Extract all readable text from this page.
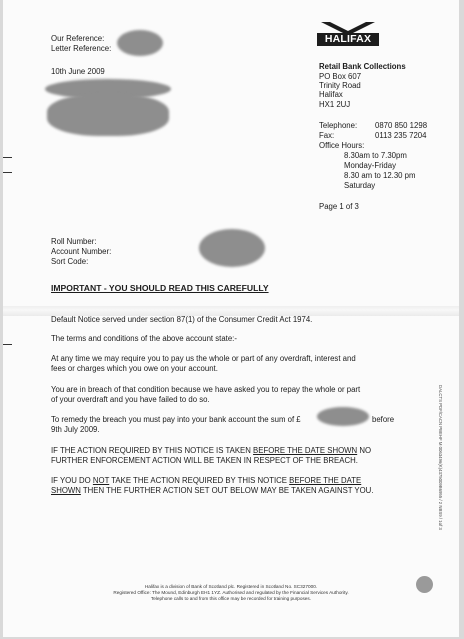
Our Reference:
Letter Reference:
10th June 2009
HALIFAX
Retail Bank Collections
PO Box 607
Trinity Road
Halifax
HX1 2UJ
Telephone: 0870 850 1298
Fax:	0113 235 7204
Office Hours:
8.30am to 7.30pm
Monday-Friday
8.30 am to 12.30 pm
Saturday
Page 1 of 3
Roll Number:
Account Number:
Sort Code:
IMPORTANT - YOU SHOULD READ THIS CAREFULLY
Default Notice served under section 87(1) of the Consumer Credit Act 1974.
The terms and conditions of the above account state:-
At any time we may require you to pay us the whole or part of any overdraft, interest and
fees or charges which you owe on your account.
You are in breach of that condition because we have asked you to repay the whole or part
of your overdraft and you have failed to do so.
To remedy the breach you must pay into your bank account the sum of £	before
9th July 2009.
IF THE ACTION REQUIRED BY THIS NOTICE IS TAKEN BEFORE THE DATE SHOWN NO
FURTHER ENFORCEMENT ACTION WILL BE TAKEN IN RESPECT OF THE BREACH.
IF YOU DO NOT TAKE THE ACTION REQUIRED BY THIS NOTICE BEFORE THE DATE
SHOWN THEN THE FURTHER ACTION SET OUT BELOW MAY BE TAKEN AGAINST YOU.	DALCTS PDF/CACN PBEHF M 0063496(K)4375009B6955 / 2 NBS9 / 1of 3
Halifax is a division of Bank of Scotland plc. Registered in Scotland No. SC327000.
Registered Office: The Mound, Edinburgh EH1 1YZ. Authorised and regulated by the Financial Services Authority.
Telephone calls to and from this office may be recorded for training purposes.
